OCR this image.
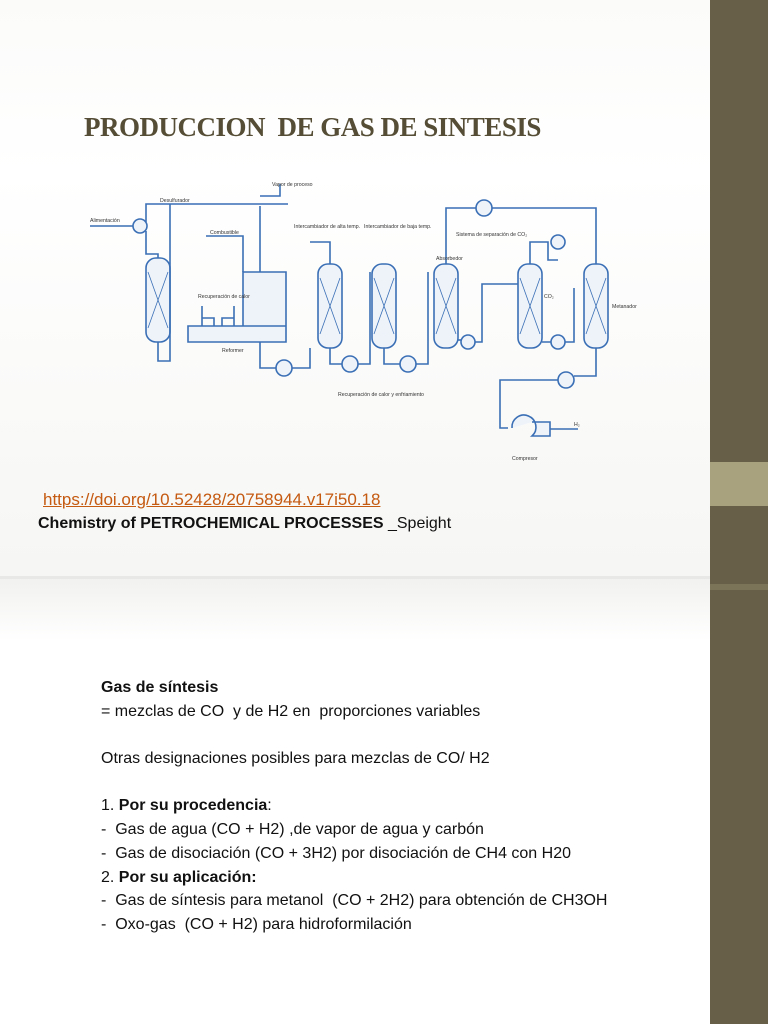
PRODUCCION  DE GAS DE SINTESIS
Desulfurador
Vapor de proceso
Alimentación
Combustible
Recuperación de calor
Reformer
Intercambiador de alta temp. Intercambiador de baja temp.
Sistema de separación de CO₂
Absorbedor
CO₂
Metanador
Recuperación de calor y enfriamiento
H₂
Compresor
https://doi.org/10.52428/20758944.v17i50.18
Chemistry of PETROCHEMICAL PROCESSES _Speight
Gas de síntesis
= mezclas de CO  y de H2 en  proporciones variables
Otras designaciones posibles para mezclas de CO/ H2
1. Por su procedencia:
-  Gas de agua (CO + H2) ,de vapor de agua y carbón
-  Gas de disociación (CO + 3H2) por disociación de CH4 con H20
2. Por su aplicación:
-  Gas de síntesis para metanol  (CO + 2H2) para obtención de CH3OH
-  Oxo-gas  (CO + H2) para hidroformilación
